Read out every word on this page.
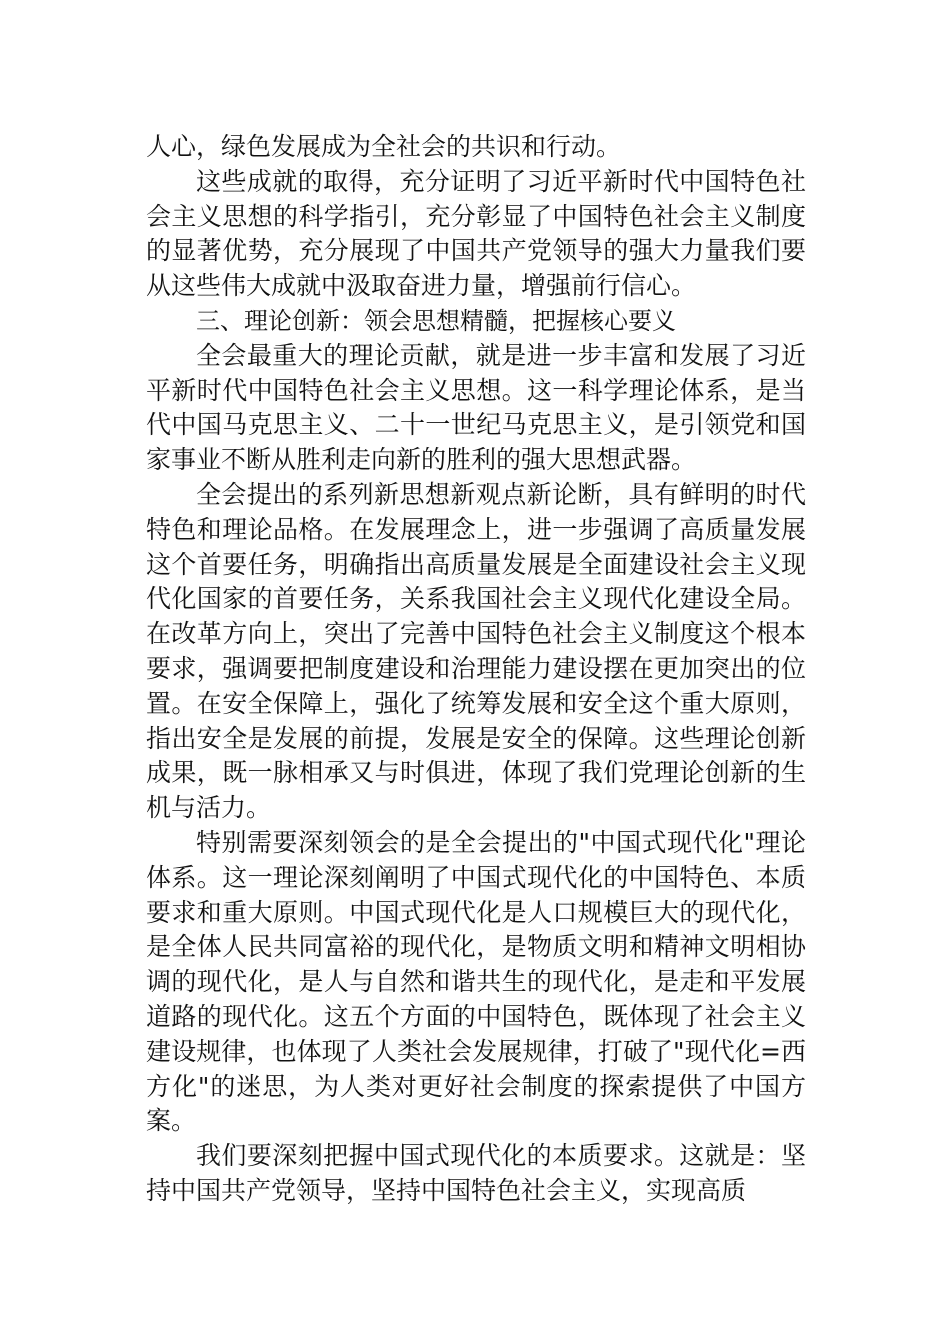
人心，绿色发展成为全社会的共识和行动。

这些成就的取得，充分证明了习近平新时代中国特色社会主义思想的科学指引，充分彰显了中国特色社会主义制度的显著优势，充分展现了中国共产党领导的强大力量我们要从这些伟大成就中汲取奋进力量，增强前行信心。

三、理论创新：领会思想精髓，把握核心要义

全会最重大的理论贡献，就是进一步丰富和发展了习近平新时代中国特色社会主义思想。这一科学理论体系，是当代中国马克思主义、二十一世纪马克思主义，是引领党和国家事业不断从胜利走向新的胜利的强大思想武器。

全会提出的系列新思想新观点新论断，具有鲜明的时代特色和理论品格。在发展理念上，进一步强调了高质量发展这个首要任务，明确指出高质量发展是全面建设社会主义现代化国家的首要任务，关系我国社会主义现代化建设全局。在改革方向上，突出了完善中国特色社会主义制度这个根本要求，强调要把制度建设和治理能力建设摆在更加突出的位置。在安全保障上，强化了统筹发展和安全这个重大原则，指出安全是发展的前提，发展是安全的保障。这些理论创新成果，既一脉相承又与时俱进，体现了我们党理论创新的生机与活力。

特别需要深刻领会的是全会提出的"中国式现代化"理论体系。这一理论深刻阐明了中国式现代化的中国特色、本质要求和重大原则。中国式现代化是人口规模巨大的现代化，是全体人民共同富裕的现代化，是物质文明和精神文明相协调的现代化，是人与自然和谐共生的现代化，是走和平发展道路的现代化。这五个方面的中国特色，既体现了社会主义建设规律，也体现了人类社会发展规律，打破了"现代化=西方化"的迷思，为人类对更好社会制度的探索提供了中国方案。

我们要深刻把握中国式现代化的本质要求。这就是：坚持中国共产党领导，坚持中国特色社会主义，实现高质
